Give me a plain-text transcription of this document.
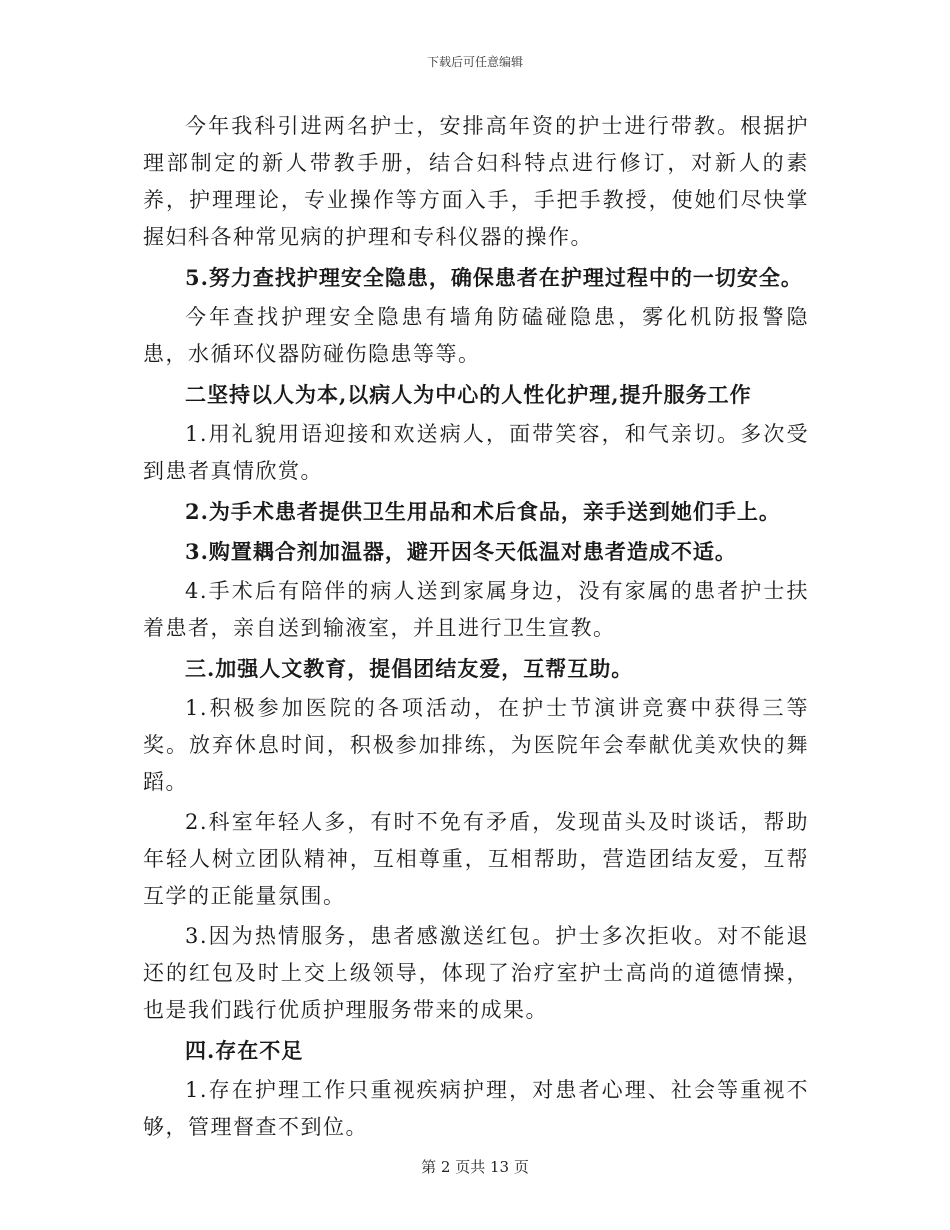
下载后可任意编辑

今年我科引进两名护士，安排高年资的护士进行带教。根据护理部制定的新人带教手册，结合妇科特点进行修订，对新人的素养，护理理论，专业操作等方面入手，手把手教授，使她们尽快掌握妇科各种常见病的护理和专科仪器的操作。

5.努力查找护理安全隐患，确保患者在护理过程中的一切安全。

今年查找护理安全隐患有墙角防磕碰隐患，雾化机防报警隐患，水循环仪器防碰伤隐患等等。

二坚持以人为本,以病人为中心的人性化护理,提升服务工作

1.用礼貌用语迎接和欢送病人，面带笑容，和气亲切。多次受到患者真情欣赏。

2.为手术患者提供卫生用品和术后食品，亲手送到她们手上。

3.购置耦合剂加温器，避开因冬天低温对患者造成不适。

4.手术后有陪伴的病人送到家属身边，没有家属的患者护士扶着患者，亲自送到输液室，并且进行卫生宣教。

三.加强人文教育，提倡团结友爱，互帮互助。

1.积极参加医院的各项活动，在护士节演讲竞赛中获得三等奖。放弃休息时间，积极参加排练，为医院年会奉献优美欢快的舞蹈。

2.科室年轻人多，有时不免有矛盾，发现苗头及时谈话，帮助年轻人树立团队精神，互相尊重，互相帮助，营造团结友爱，互帮互学的正能量氛围。

3.因为热情服务，患者感激送红包。护士多次拒收。对不能退还的红包及时上交上级领导，体现了治疗室护士高尚的道德情操，也是我们践行优质护理服务带来的成果。

四.存在不足

1.存在护理工作只重视疾病护理，对患者心理、社会等重视不够，管理督查不到位。

第 2 页共 13 页
